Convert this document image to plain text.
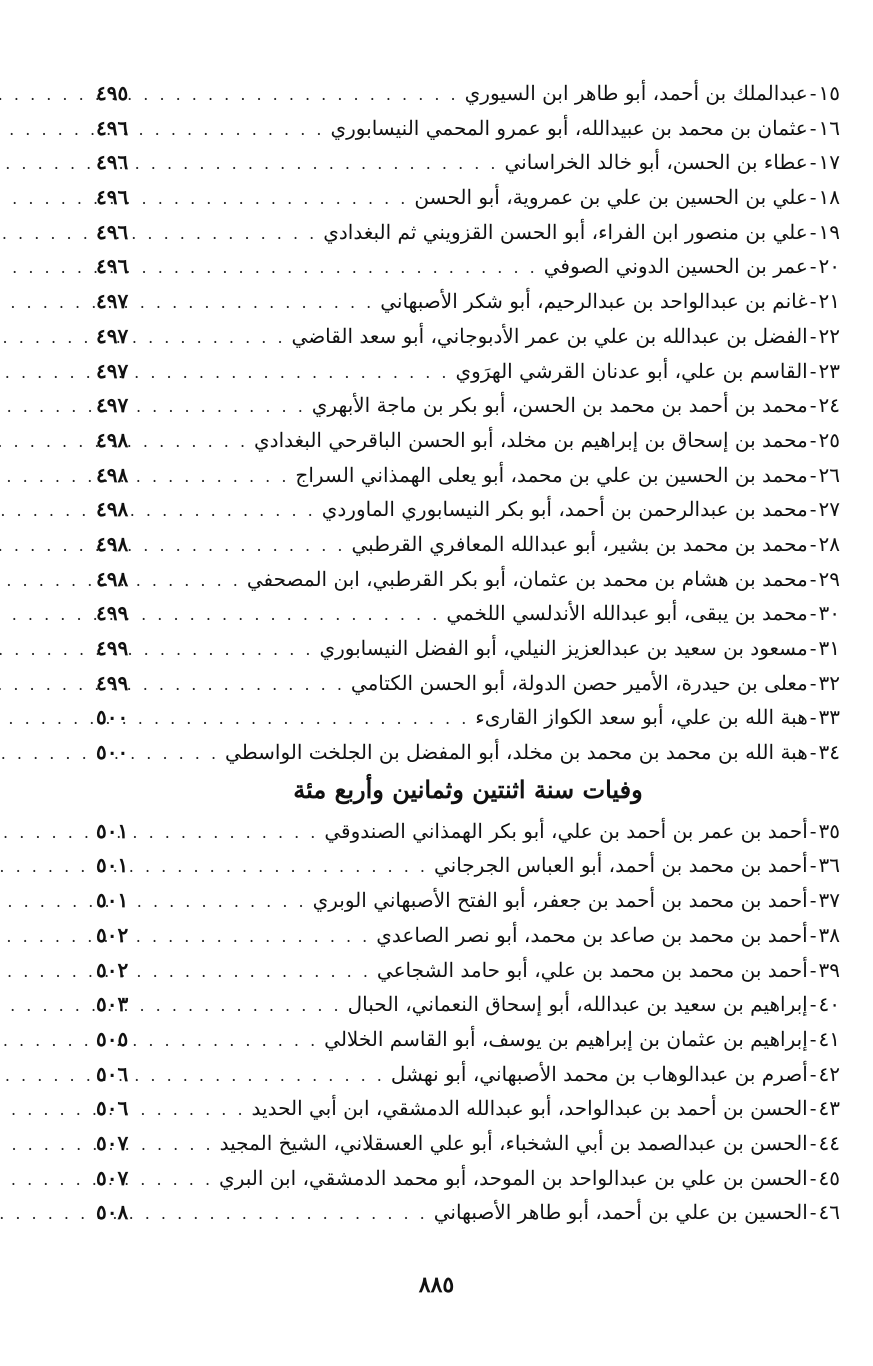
١٥
-
عبدالملك بن أحمد، أبو طاهر ابن السيوري
. . .
٤٩٥
١٦
-
عثمان بن محمد بن عبيدالله، أبو عمرو المحمي النيسابوري
. . .
٤٩٦
١٧
-
عطاء بن الحسن، أبو خالد الخراساني
. . .
٤٩٦
١٨
-
علي بن الحسين بن علي بن عمروية، أبو الحسن
. . .
٤٩٦
١٩
-
علي بن منصور ابن الفراء، أبو الحسن القزويني ثم البغدادي
. . .
٤٩٦
٢٠
-
عمر بن الحسين الدوني الصوفي
. . .
٤٩٦
٢١
-
غانم بن عبدالواحد بن عبدالرحيم، أبو شكر الأصبهاني
. . .
٤٩٧
٢٢
-
الفضل بن عبدالله بن علي بن عمر الأدبوجاني، أبو سعد القاضي
. . .
٤٩٧
٢٣
-
القاسم بن علي، أبو عدنان القرشي الهرَوي
. . .
٤٩٧
٢٤
-
محمد بن أحمد بن محمد بن الحسن، أبو بكر بن ماجة الأبهري
. . .
٤٩٧
٢٥
-
محمد بن إسحاق بن إبراهيم بن مخلد، أبو الحسن الباقرحي البغدادي
. . .
٤٩٨
٢٦
-
محمد بن الحسين بن علي بن محمد، أبو يعلى الهمذاني السراج
. . .
٤٩٨
٢٧
-
محمد بن عبدالرحمن بن أحمد، أبو بكر النيسابوري الماوردي
. . .
٤٩٨
٢٨
-
محمد بن محمد بن بشير، أبو عبدالله المعافري القرطبي
. . .
٤٩٨
٢٩
-
محمد بن هشام بن محمد بن عثمان، أبو بكر القرطبي، ابن المصحفي
. . .
٤٩٨
٣٠
-
محمد بن يبقى، أبو عبدالله الأندلسي اللخمي
. . .
٤٩٩
٣١
-
مسعود بن سعيد بن عبدالعزيز النيلي، أبو الفضل النيسابوري
. . .
٤٩٩
٣٢
-
معلى بن حيدرة، الأمير حصن الدولة، أبو الحسن الكتامي
. . .
٤٩٩
٣٣
-
هبة الله بن علي، أبو سعد الكواز القارىء
. . .
٥٠٠
٣٤
-
هبة الله بن محمد بن محمد بن مخلد، أبو المفضل بن الجلخت الواسطي
. . .
٥٠٠
وفيات سنة اثنتين وثمانين وأربع مئة
٣٥
-
أحمد بن عمر بن أحمد بن علي، أبو بكر الهمذاني الصندوقي
. . .
٥٠١
٣٦
-
أحمد بن محمد بن أحمد، أبو العباس الجرجاني
. . .
٥٠١
٣٧
-
أحمد بن محمد بن أحمد بن جعفر، أبو الفتح الأصبهاني الوبري
. . .
٥٠١
٣٨
-
أحمد بن محمد بن صاعد بن محمد، أبو نصر الصاعدي
. . .
٥٠٢
٣٩
-
أحمد بن محمد بن محمد بن علي، أبو حامد الشجاعي
. . .
٥٠٢
٤٠
-
إبراهيم بن سعيد بن عبدالله، أبو إسحاق النعماني، الحبال
. . .
٥٠٣
٤١
-
إبراهيم بن عثمان بن إبراهيم بن يوسف، أبو القاسم الخلالي
. . .
٥٠٥
٤٢
-
أصرم بن عبدالوهاب بن محمد الأصبهاني، أبو نهشل
. . .
٥٠٦
٤٣
-
الحسن بن أحمد بن عبدالواحد، أبو عبدالله الدمشقي، ابن أبي الحديد
. . .
٥٠٦
٤٤
-
الحسن بن عبدالصمد بن أبي الشخباء، أبو علي العسقلاني، الشيخ المجيد
. . .
٥٠٧
٤٥
-
الحسن بن علي بن عبدالواحد بن الموحد، أبو محمد الدمشقي، ابن البري
. . .
٥٠٧
٤٦
-
الحسين بن علي بن أحمد، أبو طاهر الأصبهاني
. . .
٥٠٨
٨٨٥
